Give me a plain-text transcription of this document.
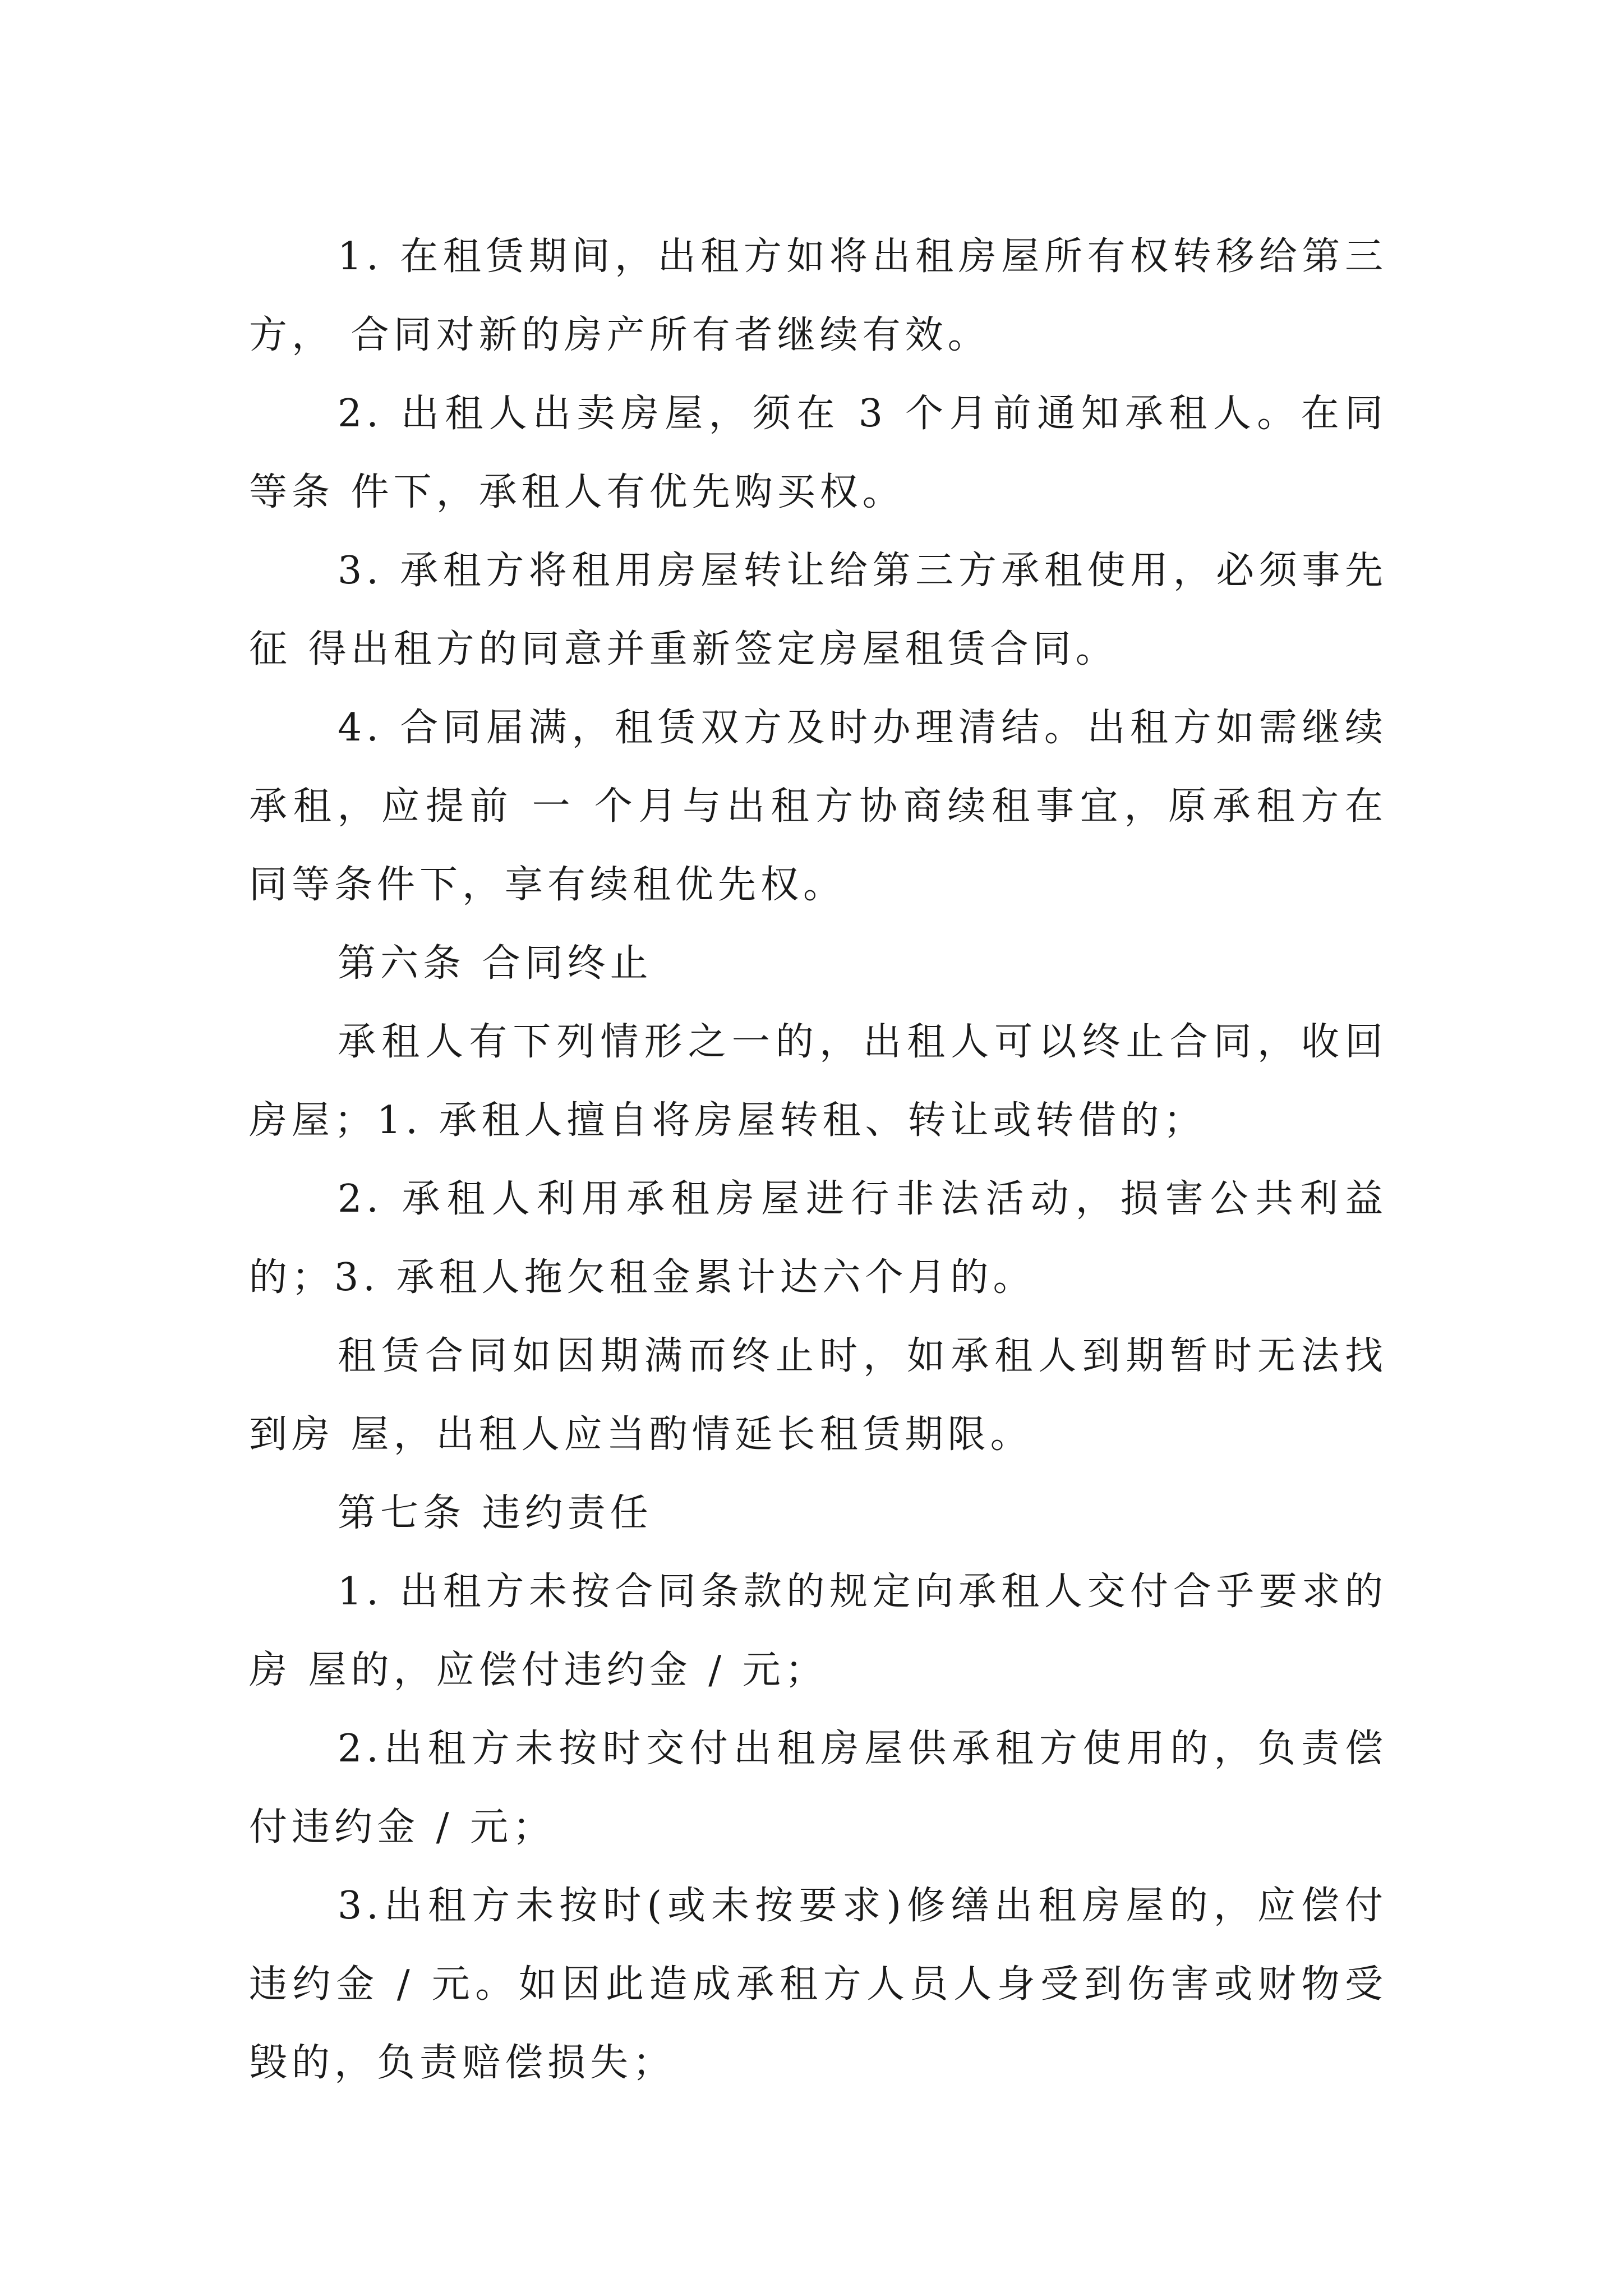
1. 在租赁期间，出租方如将出租房屋所有权转移给第三方， 合同对新的房产所有者继续有效。

2. 出租人出卖房屋，须在 3 个月前通知承租人。在同等条 件下，承租人有优先购买权。

3. 承租方将租用房屋转让给第三方承租使用，必须事先征 得出租方的同意并重新签定房屋租赁合同。

4. 合同届满，租赁双方及时办理清结。出租方如需继续承租，应提前 一 个月与出租方协商续租事宜，原承租方在同等条件下，享有续租优先权。

第六条 合同终止

承租人有下列情形之一的，出租人可以终止合同，收回房屋；1. 承租人擅自将房屋转租、转让或转借的；

2. 承租人利用承租房屋进行非法活动，损害公共利益的；3. 承租人拖欠租金累计达六个月的。

租赁合同如因期满而终止时，如承租人到期暂时无法找到房 屋，出租人应当酌情延长租赁期限。

第七条 违约责任

1. 出租方未按合同条款的规定向承租人交付合乎要求的房 屋的，应偿付违约金 / 元；

2.出租方未按时交付出租房屋供承租方使用的，负责偿付违约金 / 元；

3.出租方未按时(或未按要求)修缮出租房屋的，应偿付违约金 / 元。如因此造成承租方人员人身受到伤害或财物受毁的，负责赔偿损失；
